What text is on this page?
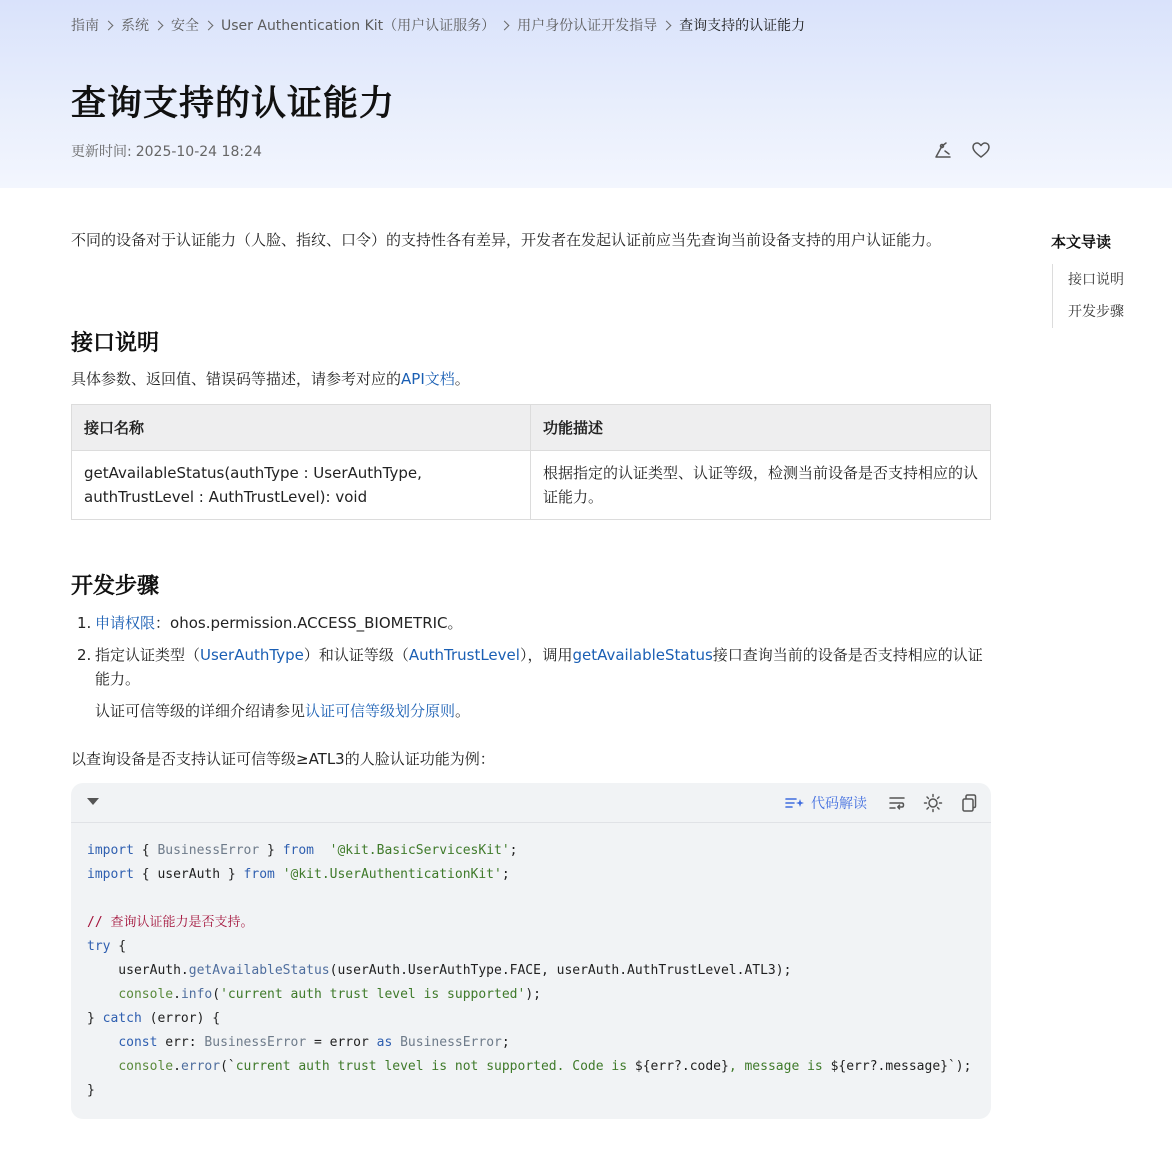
指南 系统 安全 User Authentication Kit（用户认证服务） 用户身份认证开发指导 查询支持的认证能力
查询支持的认证能力
更新时间: 2025-10-24 18:24

不同的设备对于认证能力（人脸、指纹、口令）的支持性各有差异，开发者在发起认证前应当先查询当前设备支持的用户认证能力。

接口说明

具体参数、返回值、错误码等描述，请参考对应的API文档。

接口名称	功能描述
getAvailableStatus(authType : UserAuthType, authTrustLevel : AuthTrustLevel): void	根据指定的认证类型、认证等级，检测当前设备是否支持相应的认证能力。
开发步骤
1. 申请权限：ohos.permission.ACCESS_BIOMETRIC。
2. 指定认证类型（UserAuthType）和认证等级（AuthTrustLevel），调用getAvailableStatus接口查询当前的设备是否支持相应的认证能力。
认证可信等级的详细介绍请参见认证可信等级划分原则。

以查询设备是否支持认证可信等级≥ATL3的人脸认证功能为例：

代码解读
import { BusinessError } from '@kit.BasicServicesKit';
import { userAuth } from '@kit.UserAuthenticationKit';

// 查询认证能力是否支持。
try {
userAuth.getAvailableStatus(userAuth.UserAuthType.FACE, userAuth.AuthTrustLevel.ATL3);
console.info('current auth trust level is supported');
} catch (error) {
const err: BusinessError = error as BusinessError;
console.error(`current auth trust level is not supported. Code is ${err?.code}, message is ${err?.message}`);
}
本文导读
接口说明
开发步骤
